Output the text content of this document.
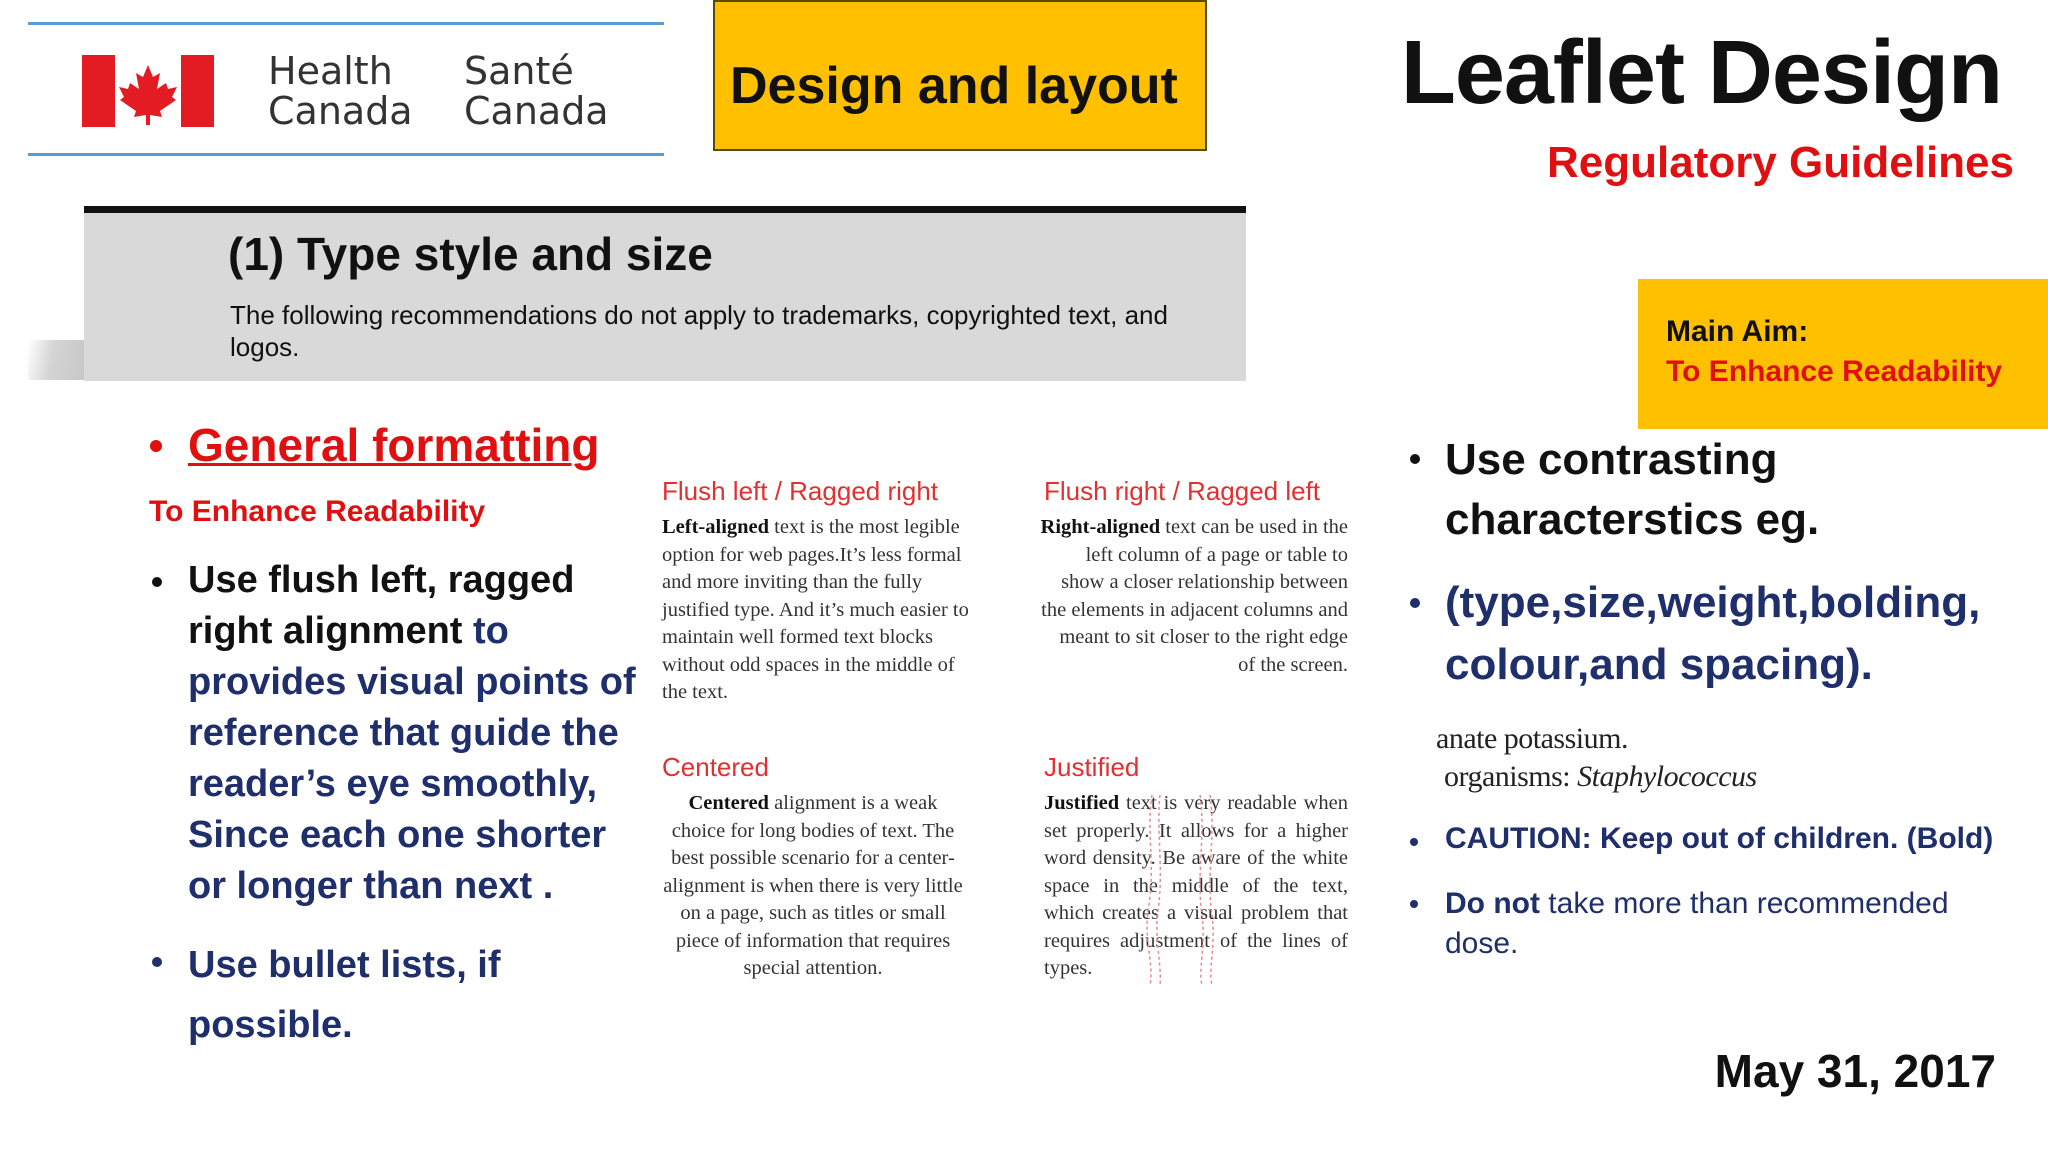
Health
Canada
Santé
Canada Design and layout Leaflet Design
Regulatory Guidelines
(1) Type style and size
The following recommendations do not apply to trademarks, copyrighted text, and logos.	Main Aim:
To Enhance Readability
General formatting
To Enhance Readability
Use flush left, ragged right alignment to provides visual points of reference that guide the reader’s eye smoothly, Since each one shorter or longer than next .
Use bullet lists, if possible.
Flush left / Ragged right
Left-aligned text is the most legible option for web pages.It’s less formal and more inviting than the fully justified type. And it’s much easier to maintain well formed text blocks without odd spaces in the middle of the text.
Flush right / Ragged left
Right-aligned text can be used in the left column of a page or table to show a closer relationship between the elements in adjacent columns and meant to sit closer to the right edge of the screen.
Centered
Centered alignment is a weak choice for long bodies of text. The best possible scenario for a center-alignment is when there is very little on a page, such as titles or small piece of information that requires special attention.
Justified
Justified text is very readable when set properly. It allows for a higher word density. Be aware of the white space in the middle of the text, which creates a visual problem that requires adjustment of the lines of types.
Use contrasting characterstics eg.
(type,size,weight,bolding, colour,and spacing).
anate potassium.
organisms: Staphylococcus
CAUTION: Keep out of children. (Bold)
Do not take more than recommended dose.
May 31, 2017
